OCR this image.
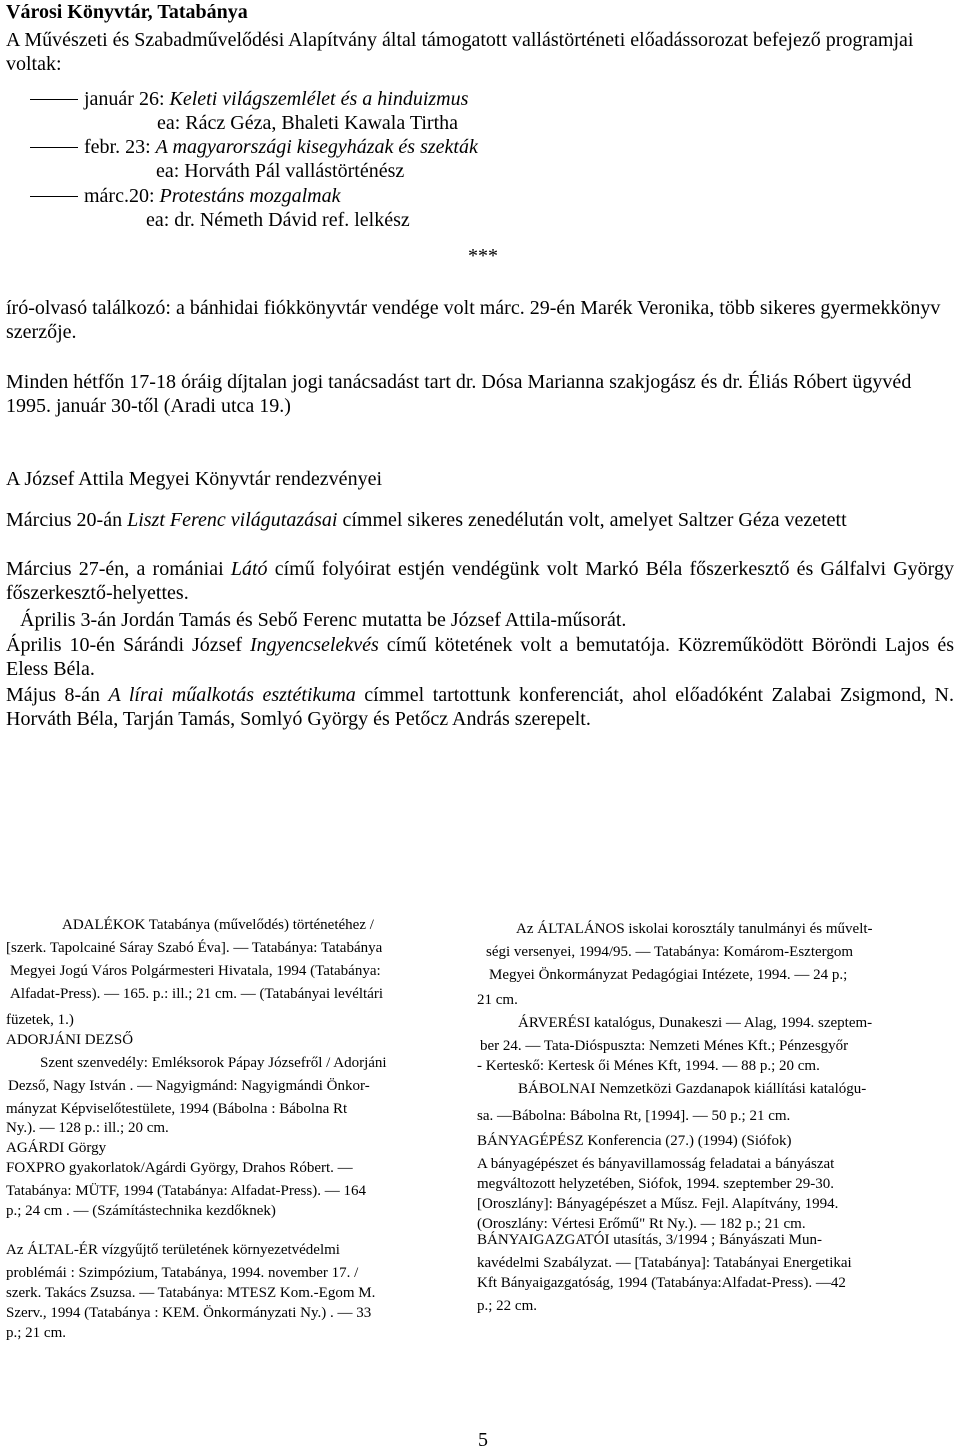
Városi Könyvtár, Tatabánya
A Művészeti és Szabadművelődési Alapítvány által támogatott vallástörténeti előadássorozat befejező programjai voltak:
január 26: Keleti világszemlélet és a hinduizmus
ea: Rácz Géza, Bhaleti Kawala Tirtha
febr. 23: A magyarországi kisegyházak és szekták
ea: Horváth Pál vallástörténész
márc.20: Protestáns mozgalmak
ea: dr. Németh Dávid ref. lelkész
***
író-olvasó találkozó: a bánhidai fiókkönyvtár vendége volt márc. 29-én Marék Veronika, több sikeres gyermekkönyv szerzője.
Minden hétfőn 17-18 óráig díjtalan jogi tanácsadást tart dr. Dósa Marianna szakjogász és dr. Éliás Róbert ügyvéd 1995. január 30-től (Aradi utca 19.)
A József Attila Megyei Könyvtár rendezvényei
Március 20-án Liszt Ferenc világutazásai címmel sikeres zenedélután volt, amelyet Saltzer Géza vezetett
Március 27-én, a romániai Látó című folyóirat estjén vendégünk volt Markó Béla főszerkesztő és Gálfalvi György főszerkesztő-helyettes.
Április 3-án Jordán Tamás és Sebő Ferenc mutatta be József Attila-műsorát.
Április 10-én Sárándi József Ingyencselekvés című kötetének volt a bemutatója. Közreműködött Böröndi Lajos és Eless Béla.
Május 8-án A lírai műalkotás esztétikuma címmel tartottunk konferenciát, ahol előadóként Zalabai Zsigmond, N. Horváth Béla, Tarján Tamás, Somlyó György és Petőcz András szerepelt.
ADALÉKOK Tatabánya (művelődés) történetéhez /
[szerk. Tapolcainé Sáray Szabó Éva]. — Tatabánya: Tatabánya
Megyei Jogú Város Polgármesteri Hivatala, 1994 (Tatabánya:
Alfadat-Press). — 165. p.: ill.; 21 cm. — (Tatabányai levéltári
füzetek, 1.)
ADORJÁNI DEZSŐ
Szent szenvedély: Emléksorok Pápay Józsefről / Adorjáni
Dezső, Nagy István . — Nagyigmánd: Nagyigmándi Önkor-
mányzat Képviselőtestülete, 1994 (Bábolna : Bábolna Rt
Ny.). — 128 p.: ill.; 20 cm.
AGÁRDI Görgy
FOXPRO gyakorlatok/Agárdi György, Drahos Róbert. —
Tatabánya: MÜTF, 1994 (Tatabánya: Alfadat-Press). — 164
p.; 24 cm . — (Számítástechnika kezdőknek)
Az ÁLTAL-ÉR vízgyűjtő területének környezetvédelmi
problémái : Szimpózium, Tatabánya, 1994. november 17. /
szerk. Takács Zsuzsa. — Tatabánya: MTESZ Kom.-Egom M.
Szerv., 1994 (Tatabánya : KEM. Önkormányzati Ny.) . — 33
p.; 21 cm.
Az ÁLTALÁNOS iskolai korosztály tanulmányi és művelt-
ségi versenyei, 1994/95. — Tatabánya: Komárom-Esztergom
Megyei Önkormányzat Pedagógiai Intézete, 1994. — 24 p.;
21 cm.
ÁRVERÉSI katalógus, Dunakeszi — Alag, 1994. szeptem-
ber 24. — Tata-Dióspuszta: Nemzeti Ménes Kft.; Pénzesgyőr
- Kerteskő: Kertesk ői Ménes Kft, 1994. — 88 p.; 20 cm.
BÁBOLNAI Nemzetközi Gazdanapok kiállítási katalógu-
sa. —Bábolna: Bábolna Rt, [1994]. — 50 p.; 21 cm.
BÁNYAGÉPÉSZ Konferencia (27.) (1994) (Siófok)
A bányagépészet és bányavillamosság feladatai a bányászat
megváltozott helyzetében, Siófok, 1994. szeptember 29-30.
[Oroszlány]: Bányagépészet a Műsz. Fejl. Alapítvány, 1994.
(Oroszlány: Vértesi Erőmű" Rt Ny.). — 182 p.; 21 cm.
BÁNYAIGAZGATÓI utasítás, 3/1994 ; Bányászati Mun-
kavédelmi Szabályzat. — [Tatabánya]: Tatabányai Energetikai
Kft Bányaigazgatóság, 1994 (Tatabánya:Alfadat-Press). —42
p.; 22 cm.
5
